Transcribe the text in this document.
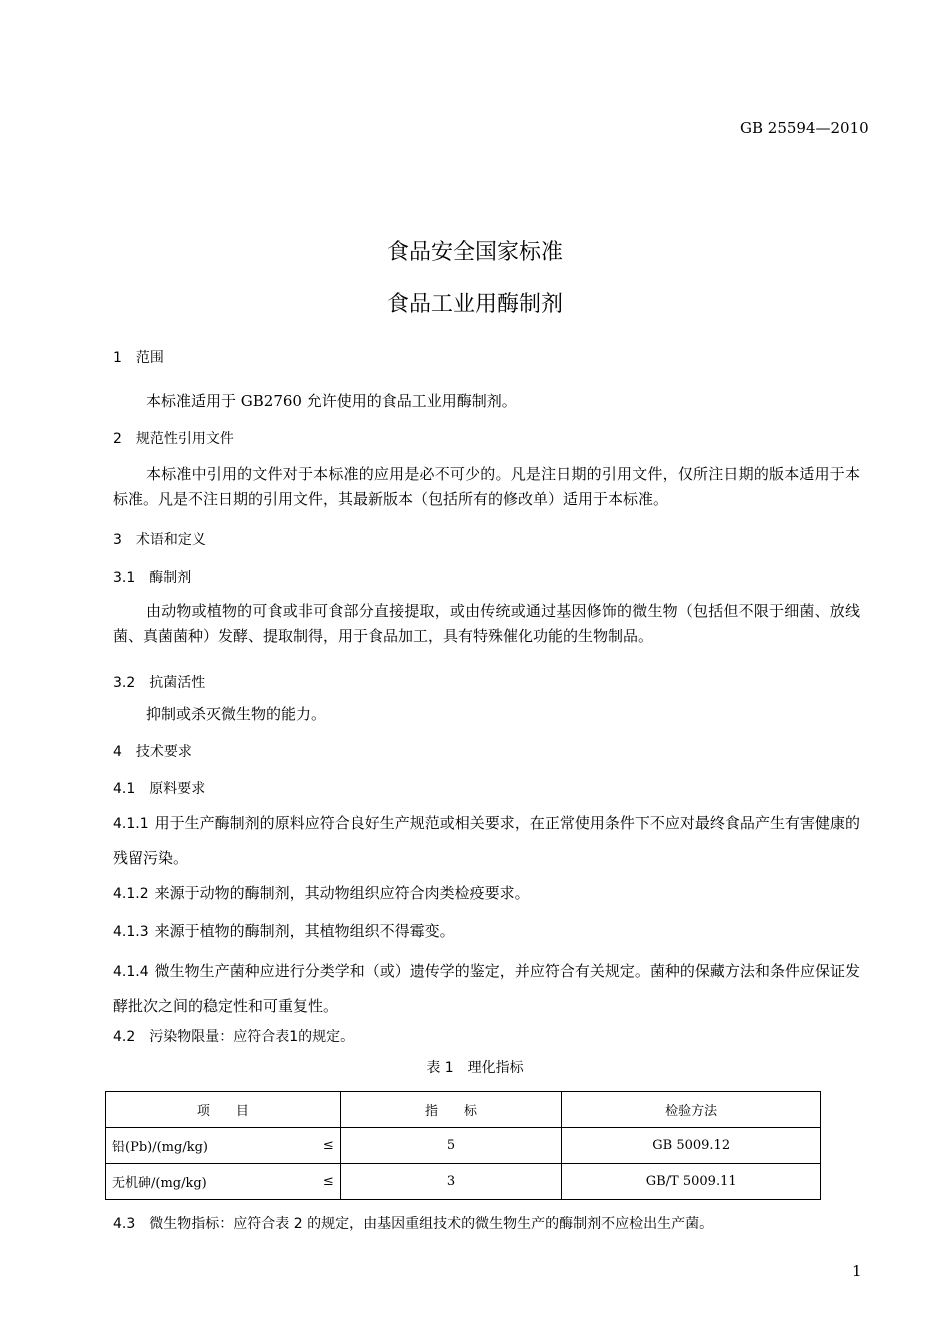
GB 25594—2010
食品安全国家标准
食品工业用酶制剂
1　范围
本标准适用于 GB2760 允许使用的食品工业用酶制剂。
2　规范性引用文件
本标准中引用的文件对于本标准的应用是必不可少的。凡是注日期的引用文件，仅所注日期的版本适用于本标准。凡是不注日期的引用文件，其最新版本（包括所有的修改单）适用于本标准。
3　术语和定义
3.1　酶制剂
由动物或植物的可食或非可食部分直接提取，或由传统或通过基因修饰的微生物（包括但不限于细菌、放线菌、真菌菌种）发酵、提取制得，用于食品加工，具有特殊催化功能的生物制品。
3.2　抗菌活性
抑制或杀灭微生物的能力。
4　技术要求
4.1　原料要求
4.1.1 用于生产酶制剂的原料应符合良好生产规范或相关要求，在正常使用条件下不应对最终食品产生有害健康的残留污染。
4.1.2 来源于动物的酶制剂，其动物组织应符合肉类检疫要求。
4.1.3 来源于植物的酶制剂，其植物组织不得霉变。
4.1.4 微生物生产菌种应进行分类学和（或）遗传学的鉴定，并应符合有关规定。菌种的保藏方法和条件应保证发酵批次之间的稳定性和可重复性。
4.2　污染物限量：应符合表1的规定。
表 1　理化指标
项　　目	指　　标	检验方法

铅(Pb)/(mg/kg) ≤	5	GB 5009.12

无机砷/(mg/kg) ≤	3	GB/T 5009.11
4.3　微生物指标：应符合表 2 的规定，由基因重组技术的微生物生产的酶制剂不应检出生产菌。
1
